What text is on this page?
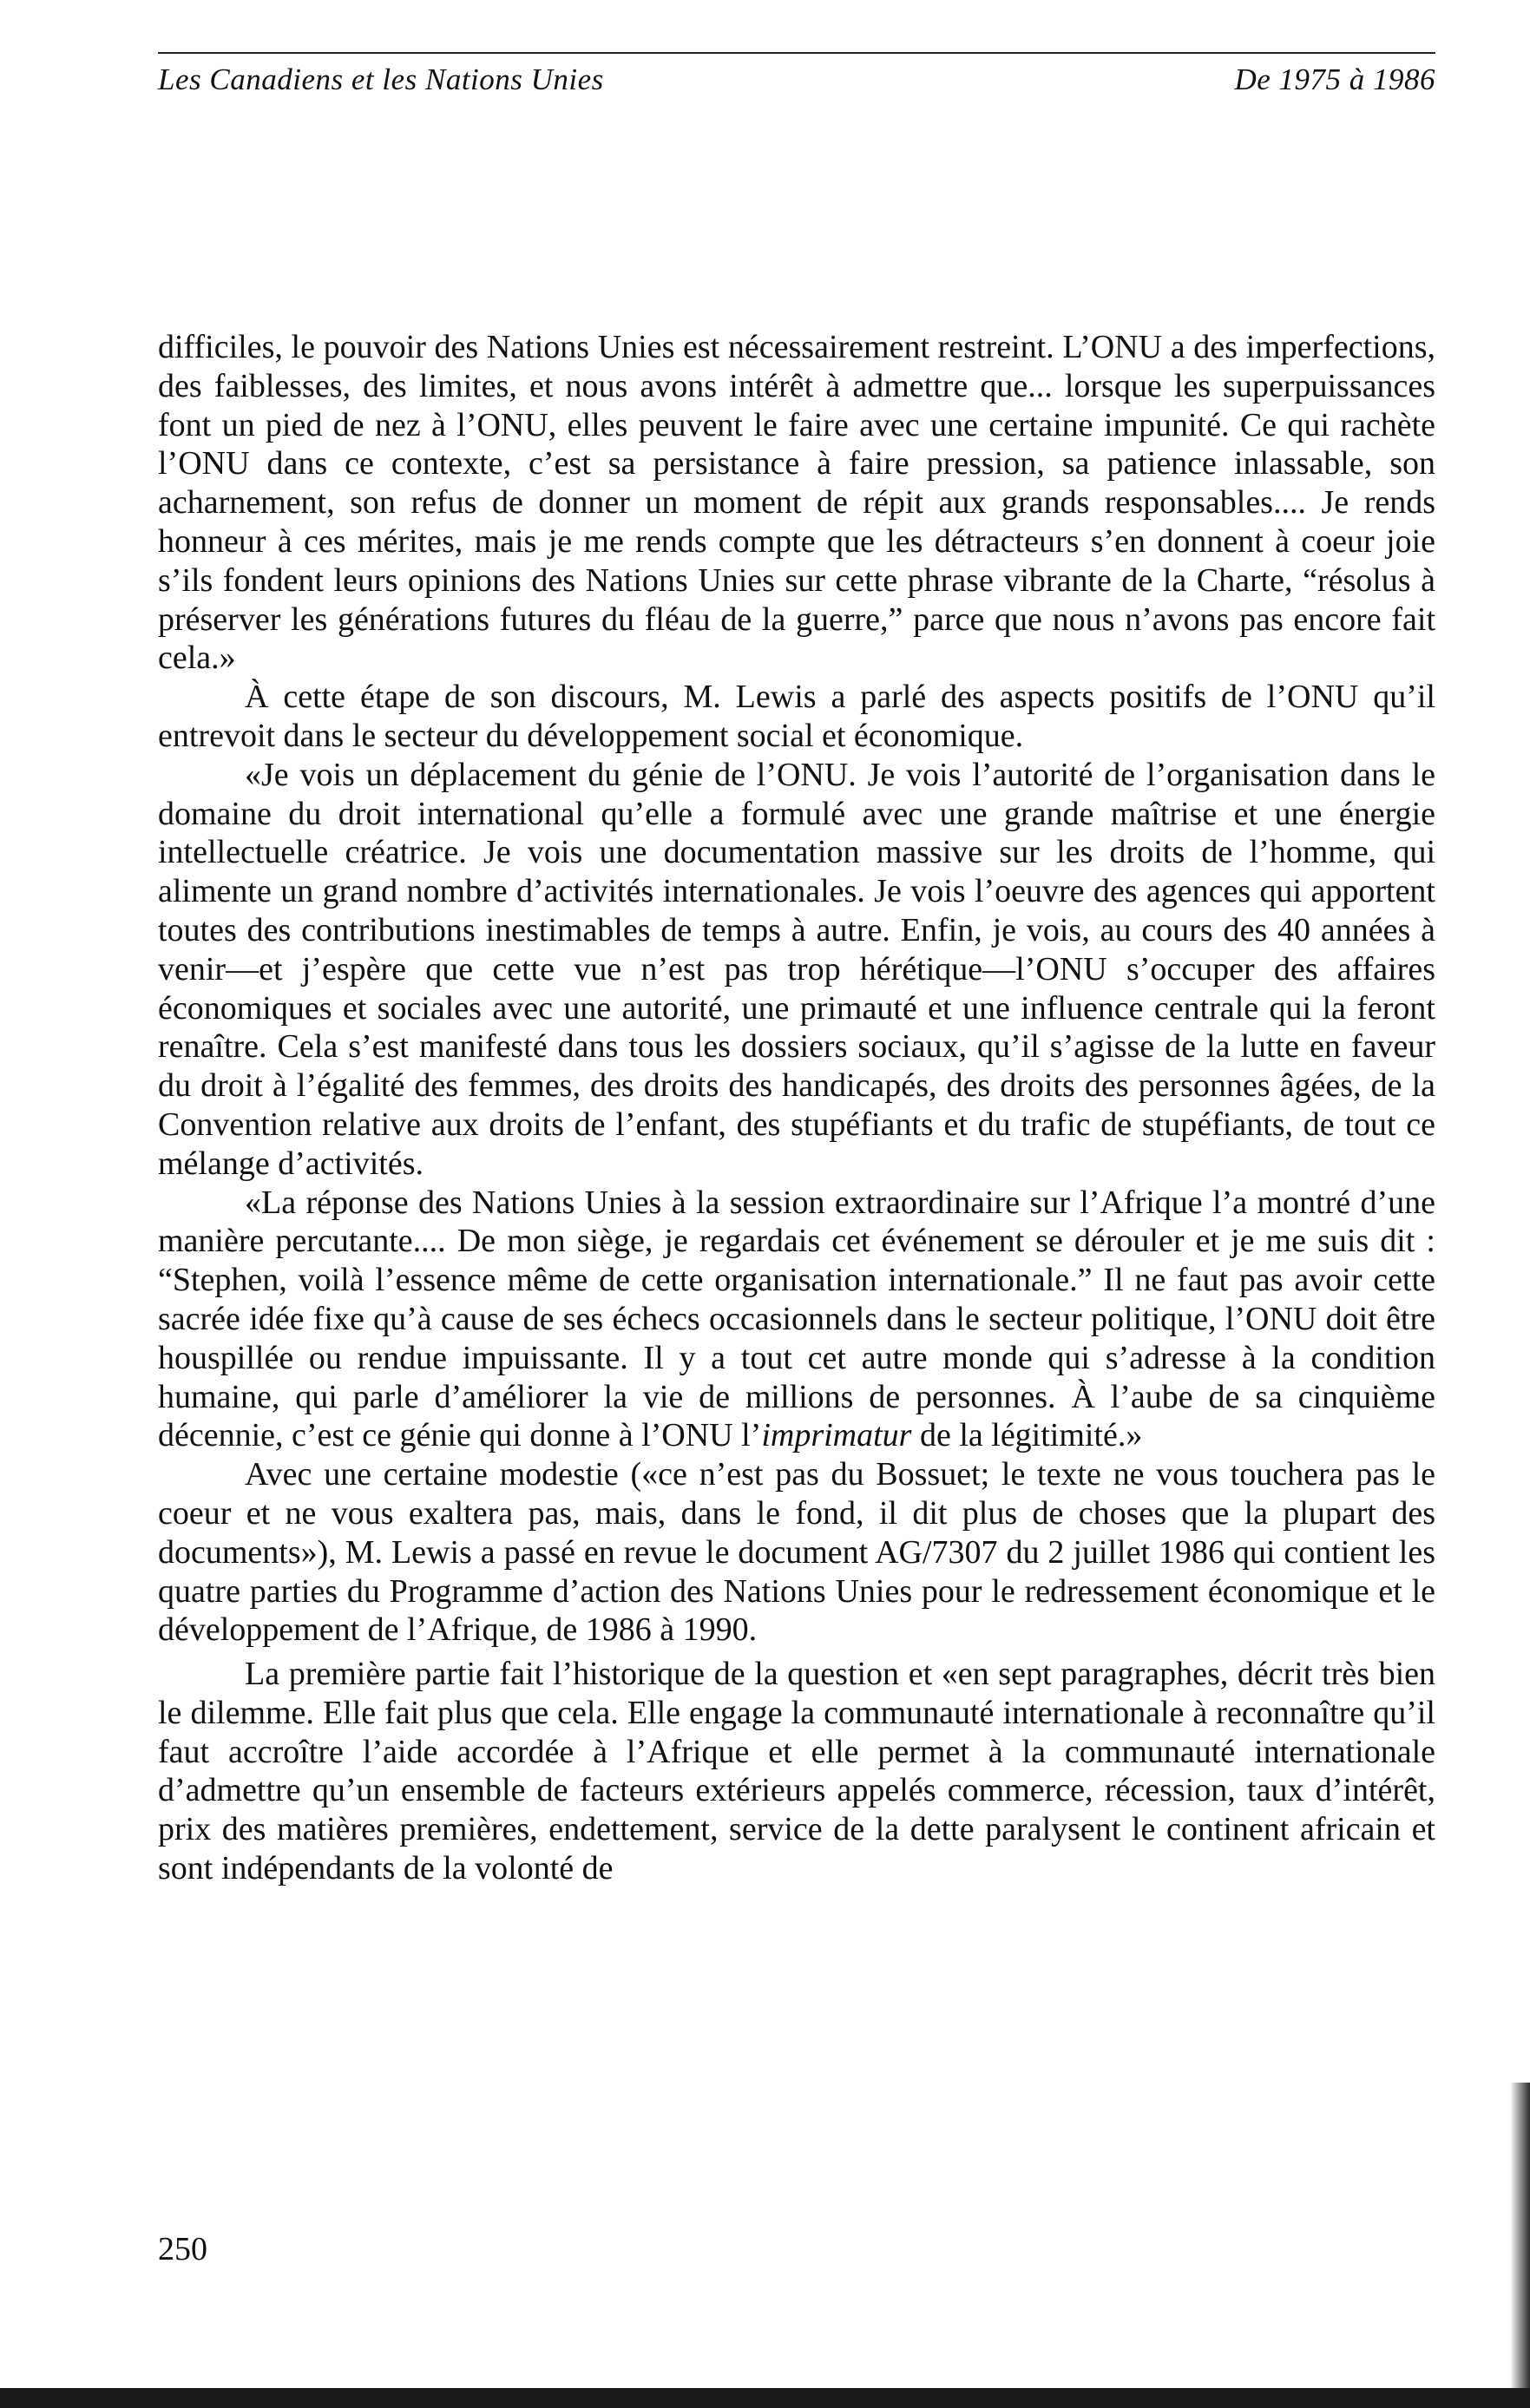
Les Canadiens et les Nations Unies	De 1975 à 1986

difficiles, le pouvoir des Nations Unies est nécessairement restreint. L’ONU a des imperfections, des faiblesses, des limites, et nous avons intérêt à admettre que... lorsque les superpuissances font un pied de nez à l’ONU, elles peuvent le faire avec une certaine impunité. Ce qui rachète l’ONU dans ce contexte, c’est sa persistance à faire pression, sa patience inlassable, son acharnement, son refus de donner un moment de répit aux grands responsables.... Je rends honneur à ces mérites, mais je me rends compte que les détracteurs s’en donnent à coeur joie s’ils fondent leurs opinions des Nations Unies sur cette phrase vibrante de la Charte, “résolus à préserver les générations futures du fléau de la guerre,” parce que nous n’avons pas encore fait cela.»

À cette étape de son discours, M. Lewis a parlé des aspects positifs de l’ONU qu’il entrevoit dans le secteur du développement social et économique.

«Je vois un déplacement du génie de l’ONU. Je vois l’autorité de l’organisation dans le domaine du droit international qu’elle a formulé avec une grande maîtrise et une énergie intellectuelle créatrice. Je vois une documentation massive sur les droits de l’homme, qui alimente un grand nombre d’activités internationales. Je vois l’oeuvre des agences qui apportent toutes des contributions inestimables de temps à autre. Enfin, je vois, au cours des 40 années à venir—et j’espère que cette vue n’est pas trop hérétique—l’ONU s’occuper des affaires économiques et sociales avec une autorité, une primauté et une influence centrale qui la feront renaître. Cela s’est manifesté dans tous les dossiers sociaux, qu’il s’agisse de la lutte en faveur du droit à l’égalité des femmes, des droits des handicapés, des droits des personnes âgées, de la Convention relative aux droits de l’enfant, des stupéfiants et du trafic de stupéfiants, de tout ce mélange d’activités.

«La réponse des Nations Unies à la session extraordinaire sur l’Afrique l’a montré d’une manière percutante.... De mon siège, je regardais cet événement se dérouler et je me suis dit : “Stephen, voilà l’essence même de cette organisation internationale.” Il ne faut pas avoir cette sacrée idée fixe qu’à cause de ses échecs occasionnels dans le secteur politique, l’ONU doit être houspillée ou rendue impuissante. Il y a tout cet autre monde qui s’adresse à la condition humaine, qui parle d’améliorer la vie de millions de personnes. À l’aube de sa cinquième décennie, c’est ce génie qui donne à l’ONU l’imprimatur de la légitimité.»

Avec une certaine modestie («ce n’est pas du Bossuet; le texte ne vous touchera pas le coeur et ne vous exaltera pas, mais, dans le fond, il dit plus de choses que la plupart des documents»), M. Lewis a passé en revue le document AG/7307 du 2 juillet 1986 qui contient les quatre parties du Programme d’action des Nations Unies pour le redressement économique et le développement de l’Afrique, de 1986 à 1990.

La première partie fait l’historique de la question et «en sept paragraphes, décrit très bien le dilemme. Elle fait plus que cela. Elle engage la communauté internationale à reconnaître qu’il faut accroître l’aide accordée à l’Afrique et elle permet à la communauté internationale d’admettre qu’un ensemble de facteurs extérieurs appelés commerce, récession, taux d’intérêt, prix des matières premières, endettement, service de la dette paralysent le continent africain et sont indépendants de la volonté de

250
